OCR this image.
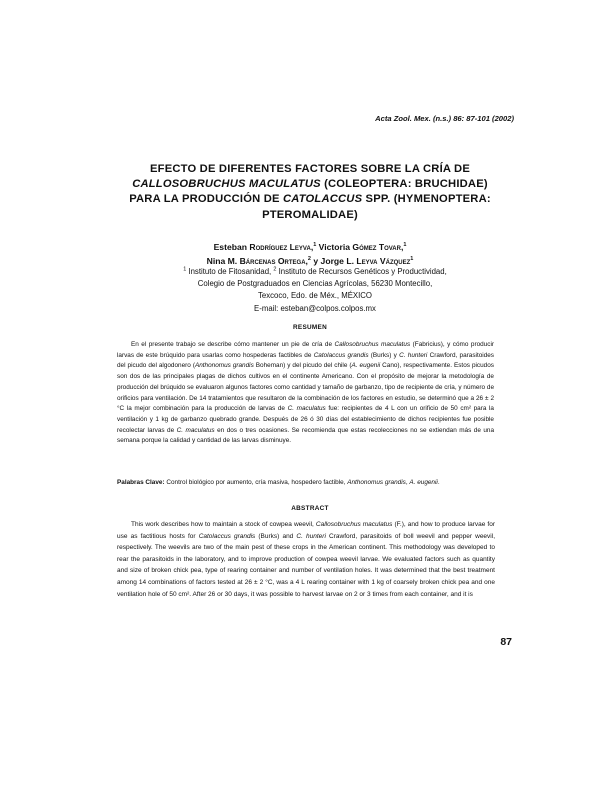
Acta Zool. Mex. (n.s.) 86: 87-101 (2002)
EFECTO DE DIFERENTES FACTORES SOBRE LA CRÍA DE
CALLOSOBRUCHUS MACULATUS (COLEOPTERA: BRUCHIDAE)
PARA LA PRODUCCIÓN DE CATOLACCUS SPP. (HYMENOPTERA:
PTEROMALIDAE)
Esteban Rodríguez Leyva,$^1$ Victoria Gómez Tovar,$^1$
Nina M. Bárcenas Ortega,$^2$ y Jorge L. Leyva Vázquez$^1$
$^1$ Instituto de Fitosanidad, $^2$ Instituto de Recursos Genéticos y Productividad,
Colegio de Postgraduados en Ciencias Agrícolas, 56230 Montecillo,
Texcoco, Edo. de Méx., MÉXICO
E-mail: esteban@colpos.colpos.mx
RESUMEN
En el presente trabajo se describe cómo mantener un pie de cría de Callosobruchus maculatus (Fabricius), y cómo producir larvas de este brúquido para usarlas como hospederas factibles de Catolaccus grandis (Burks) y C. hunteri Crawford, parasitoides del picudo del algodonero (Anthonomus grandis Boheman) y del picudo del chile (A. eugenii Cano), respectivamente. Estos picudos son dos de las principales plagas de dichos cultivos en el continente Americano. Con el propósito de mejorar la metodología de producción del brúquido se evaluaron algunos factores como cantidad y tamaño de garbanzo, tipo de recipiente de cría, y número de orificios para ventilación. De 14 tratamientos que resultaron de la combinación de los factores en estudio, se determinó que a 26 ± 2 °C la mejor combinación para la producción de larvas de C. maculatus fue: recipientes de 4 L con un orificio de 50 cm² para la ventilación y 1 kg de garbanzo quebrado grande. Después de 26 ó 30 días del establecimiento de dichos recipientes fue posible recolectar larvas de C. maculatus en dos o tres ocasiones. Se recomienda que estas recolecciones no se extiendan más de una semana porque la calidad y cantidad de las larvas disminuye.
Palabras Clave: Control biológico por aumento, cría masiva, hospedero factible, Anthonomus grandis, A. eugenii.
ABSTRACT
This work describes how to maintain a stock of cowpea weevil, Callosobruchus maculatus (F.), and how to produce larvae for use as factitious hosts for Catolaccus grandis (Burks) and C. hunteri Crawford, parasitoids of boll weevil and pepper weevil, respectively. The weevils are two of the main pest of these crops in the American continent. This methodology was developed to rear the parasitoids in the laboratory, and to improve production of cowpea weevil larvae. We evaluated factors such as quantity and size of broken chick pea, type of rearing container and number of ventilation holes. It was determined that the best treatment among 14 combinations of factors tested at 26 ± 2 °C, was a 4 L rearing container with 1 kg of coarsely broken chick pea and one ventilation hole of 50 cm². After 26 or 30 days, it was possible to harvest larvae on 2 or 3 times from each container, and it is
87
